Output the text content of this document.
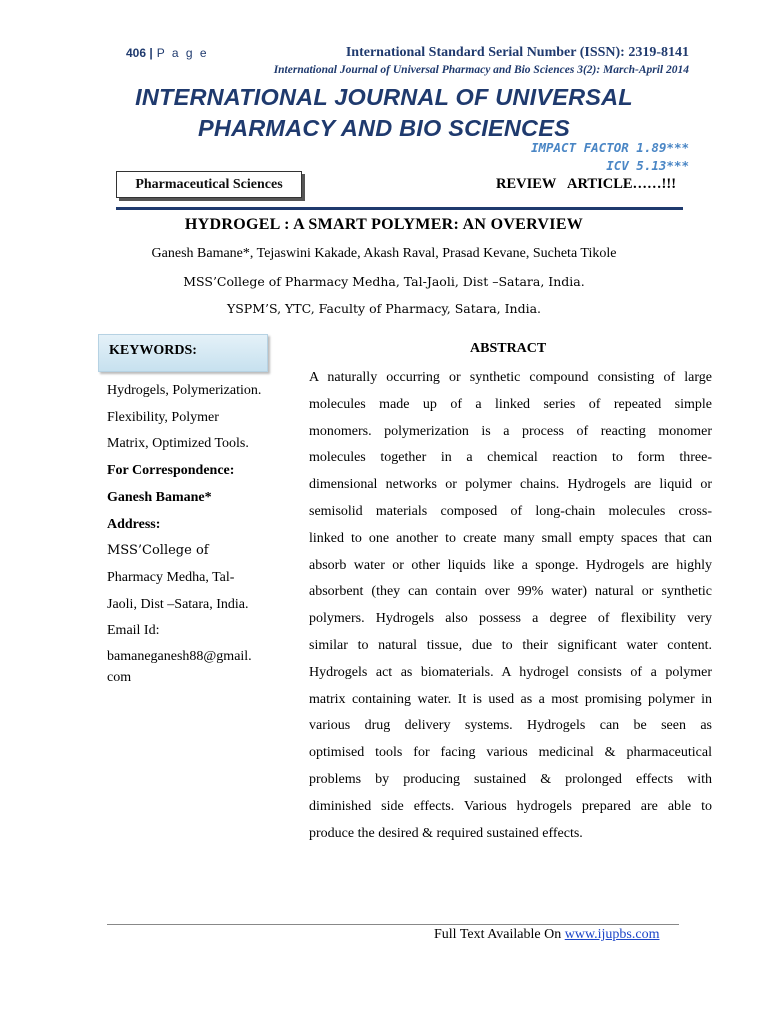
406 | P a g e	International Standard Serial Number (ISSN): 2319-8141
International Journal of Universal Pharmacy and Bio Sciences 3(2): March-April 2014
INTERNATIONAL JOURNAL OF UNIVERSAL
PHARMACY AND BIO SCIENCES
IMPACT FACTOR 1.89***
ICV 5.13***
Pharmaceutical Sciences	REVIEW ARTICLE……!!!
HYDROGEL : A SMART POLYMER: AN OVERVIEW
Ganesh Bamane*, Tejaswini Kakade, Akash Raval, Prasad Kevane, Sucheta Tikole
MSS’College of Pharmacy Medha, Tal-Jaoli, Dist –Satara, India.
YSPM’S, YTC, Faculty of Pharmacy, Satara, India.
KEYWORDS:
Hydrogels, Polymerization.
Flexibility, Polymer
Matrix, Optimized Tools.
For Correspondence:
Ganesh Bamane*
Address:
MSS’College of
Pharmacy Medha, Tal-
Jaoli, Dist –Satara, India.
Email Id:
bamaneganesh88@gmail.
com
ABSTRACT
A naturally occurring or synthetic compound consisting of large
molecules made up of a linked series of repeated simple
monomers. polymerization is a process of reacting monomer
molecules together in a chemical reaction to form three-
dimensional networks or polymer chains. Hydrogels are liquid or
semisolid materials composed of long-chain molecules cross-
linked to one another to create many small empty spaces that can
absorb water or other liquids like a sponge. Hydrogels are highly
absorbent (they can contain over 99% water) natural or synthetic
polymers. Hydrogels also possess a degree of flexibility very
similar to natural tissue, due to their significant water content.
Hydrogels act as biomaterials. A hydrogel consists of a polymer
matrix containing water. It is used as a most promising polymer in
various drug delivery systems. Hydrogels can be seen as
optimised tools for facing various medicinal & pharmaceutical
problems by producing sustained & prolonged effects with
diminished side effects. Various hydrogels prepared are able to
produce the desired & required sustained effects.
Full Text Available On www.ijupbs.com
